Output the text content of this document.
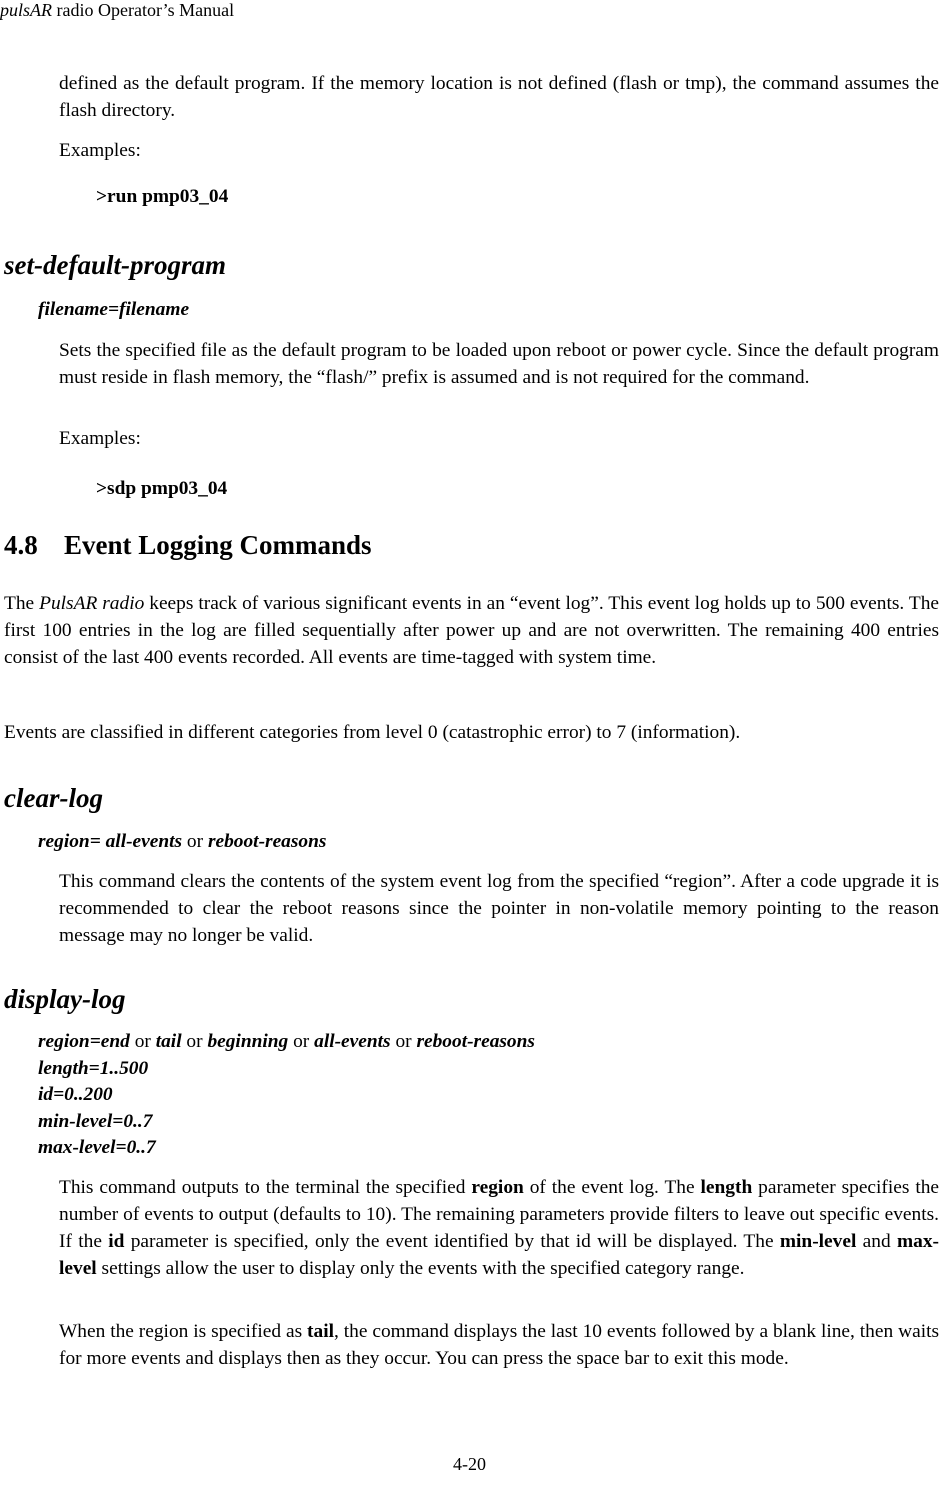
pulsAR radio Operator’s Manual

defined as the default program. If the memory location is not defined (flash or tmp), the command assumes the flash directory.

Examples:

>run pmp03_04

set-default-program
filename=filename

Sets the specified file as the default program to be loaded upon reboot or power cycle. Since the default program must reside in flash memory, the “flash/” prefix is assumed and is not required for the command.

Examples:

>sdp pmp03_04

4.8 Event Logging Commands

The PulsAR radio keeps track of various significant events in an “event log”. This event log holds up to 500 events. The first 100 entries in the log are filled sequentially after power up and are not overwritten. The remaining 400 entries consist of the last 400 events recorded. All events are time-tagged with system time.

Events are classified in different categories from level 0 (catastrophic error) to 7 (information).

clear-log
region= all-events or reboot-reasons

This command clears the contents of the system event log from the specified “region”. After a code upgrade it is recommended to clear the reboot reasons since the pointer in non-volatile memory pointing to the reason message may no longer be valid.

display-log
region=end or tail or beginning or all-events or reboot-reasons
length=1..500
id=0..200
min-level=0..7
max-level=0..7

This command outputs to the terminal the specified region of the event log. The length parameter specifies the number of events to output (defaults to 10). The remaining parameters provide filters to leave out specific events. If the id parameter is specified, only the event identified by that id will be displayed. The min-level and max-level settings allow the user to display only the events with the specified category range.

When the region is specified as tail, the command displays the last 10 events followed by a blank line, then waits for more events and displays then as they occur. You can press the space bar to exit this mode.

4-20
